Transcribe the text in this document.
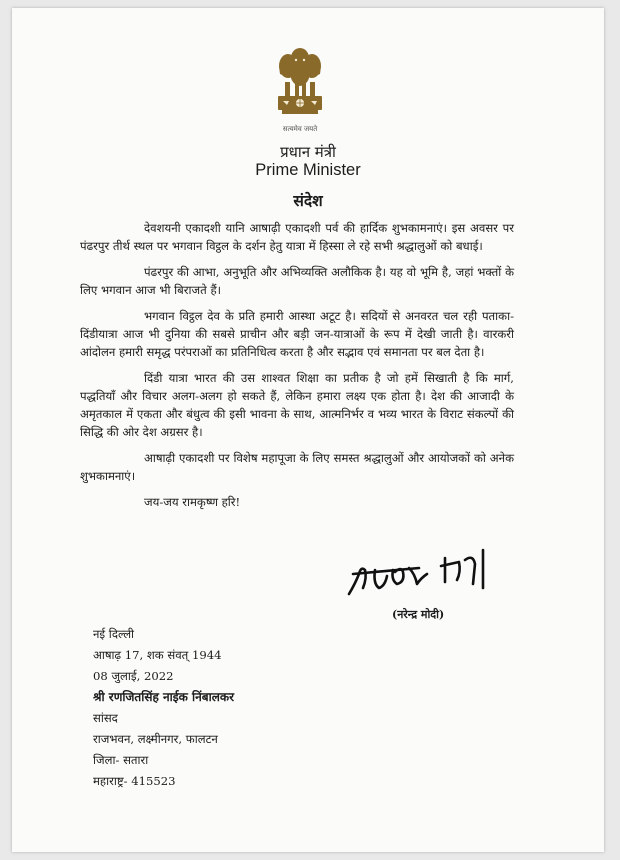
सत्यमेव जयते
प्रधान मंत्री
Prime Minister
संदेश

देवशयनी एकादशी यानि आषाढ़ी एकादशी पर्व की हार्दिक शुभकामनाएं। इस अवसर पर पंढरपुर तीर्थ स्थल पर भगवान विट्ठल के दर्शन हेतु यात्रा में हिस्सा ले रहे सभी श्रद्धालुओं को बधाई।

पंढरपुर की आभा, अनुभूति और अभिव्यक्ति अलौकिक है। यह वो भूमि है, जहां भक्तों के लिए भगवान आज भी बिराजते हैं।

भगवान विट्ठल देव के प्रति हमारी आस्था अटूट है। सदियों से अनवरत चल रही पताका-दिंडीयात्रा आज भी दुनिया की सबसे प्राचीन और बड़ी जन-यात्राओं के रूप में देखी जाती है। वारकरी आंदोलन हमारी समृद्ध परंपराओं का प्रतिनिधित्व करता है और सद्भाव एवं समानता पर बल देता है।

दिंडी यात्रा भारत की उस शाश्वत शिक्षा का प्रतीक है जो हमें सिखाती है कि मार्ग, पद्धतियाँ और विचार अलग-अलग हो सकते हैं, लेकिन हमारा लक्ष्य एक होता है। देश की आजादी के अमृतकाल में एकता और बंधुत्व की इसी भावना के साथ, आत्मनिर्भर व भव्य भारत के विराट संकल्पों की सिद्धि की ओर देश अग्रसर है।

आषाढ़ी एकादशी पर विशेष महापूजा के लिए समस्त श्रद्धालुओं और आयोजकों को अनेक शुभकामनाएं।

जय-जय रामकृष्ण हरि!

(नरेन्द्र मोदी)
नई दिल्ली
आषाढ़ 17, शक संवत् 1944
08 जुलाई, 2022
श्री रणजितसिंह नाईक निंबालकर
सांसद
राजभवन, लक्ष्मीनगर, फालटन
जिला- सतारा
महाराष्ट्र- 415523
